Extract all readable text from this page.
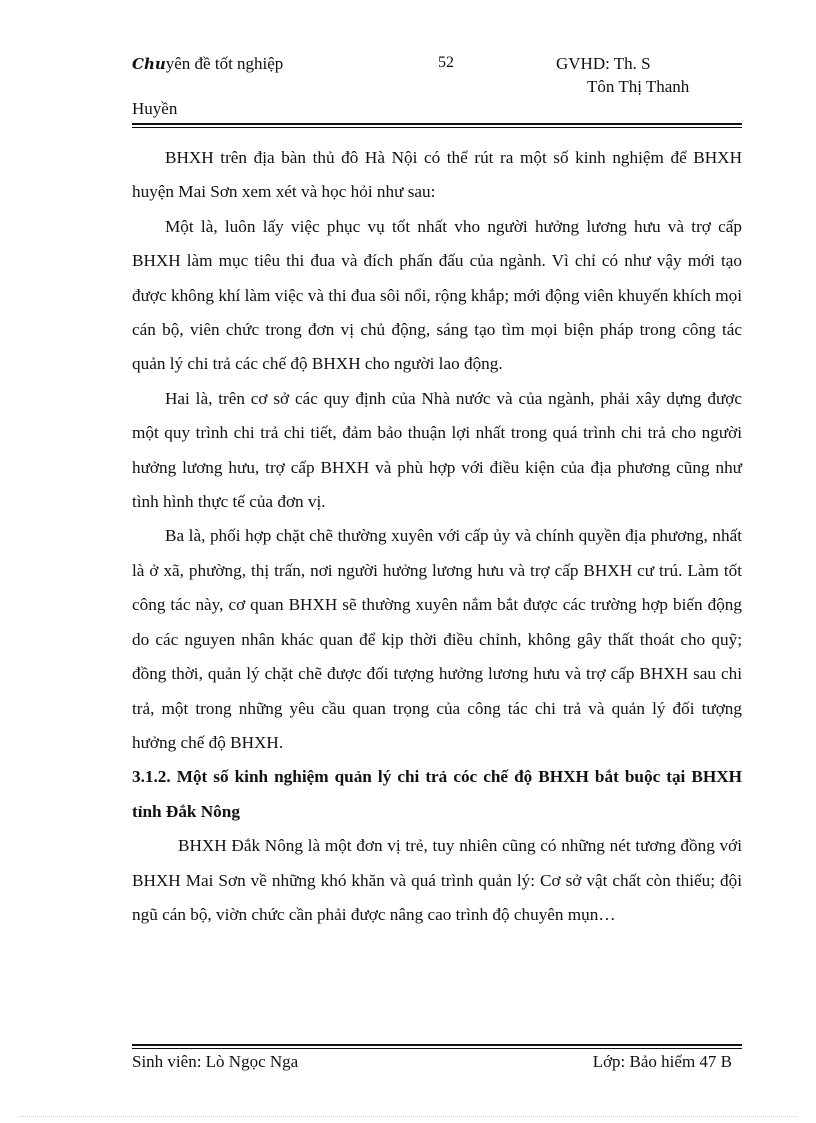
Chuyên đề tốt nghiệp	52	GVHD: Th. S
Tôn Thị Thanh
Huyền

BHXH trên địa bàn thủ đô Hà Nội có thể rút ra một số kinh nghiệm để BHXH huyện Mai Sơn xem xét và học hỏi như sau:

Một là, luôn lấy việc phục vụ tốt nhất vho người hưởng lương hưu và trợ cấp BHXH làm mục tiêu thi đua và đích phấn đấu của ngành. Vì chỉ có như vậy mới tạo được không khí làm việc và thi đua sôi nổi, rộng khắp; mới động viên khuyến khích mọi cán bộ, viên chức trong đơn vị chủ động, sáng tạo tìm mọi biện pháp trong công tác quản lý chi trả các chế độ BHXH cho người lao động.

Hai là, trên cơ sở các quy định của Nhà nước và của ngành, phải xây dựng được một quy trình chi trả chi tiết, đảm bảo thuận lợi nhất trong quá trình chi trả cho người hưởng lương hưu, trợ cấp BHXH và phù hợp với điều kiện của địa phương cũng như tình hình thực tế của đơn vị.

Ba là, phối hợp chặt chẽ thường xuyên với cấp ủy và chính quyền địa phương, nhất là ở xã, phường, thị trấn, nơi người hưởng lương hưu và trợ cấp BHXH cư trú. Làm tốt công tác này, cơ quan BHXH sẽ thường xuyên nắm bắt được các trường hợp biến động do các nguyen nhân khác quan để kịp thời điều chỉnh, không gây thất thoát cho quỹ; đồng thời, quản lý chặt chẽ được đối tượng hưởng lương hưu và trợ cấp BHXH sau chi trả, một trong những yêu cầu quan trọng của công tác chi trả và quản lý đối tượng hưởng chế độ BHXH.

3.1.2. Một số kinh nghiệm quản lý chi trả cóc chế độ BHXH bắt buộc tại BHXH tỉnh Đắk Nông

BHXH Đắk Nông là một đơn vị trẻ, tuy nhiên cũng có những nét tương đồng với BHXH Mai Sơn về những khó khăn và quá trình quản lý: Cơ sở vật chất còn thiếu; đội ngũ cán bộ, viờn chức cần phải được nâng cao trình độ chuyên mụn…

Sinh viên: Lò Ngọc Nga	Lớp: Bảo hiểm 47 B
